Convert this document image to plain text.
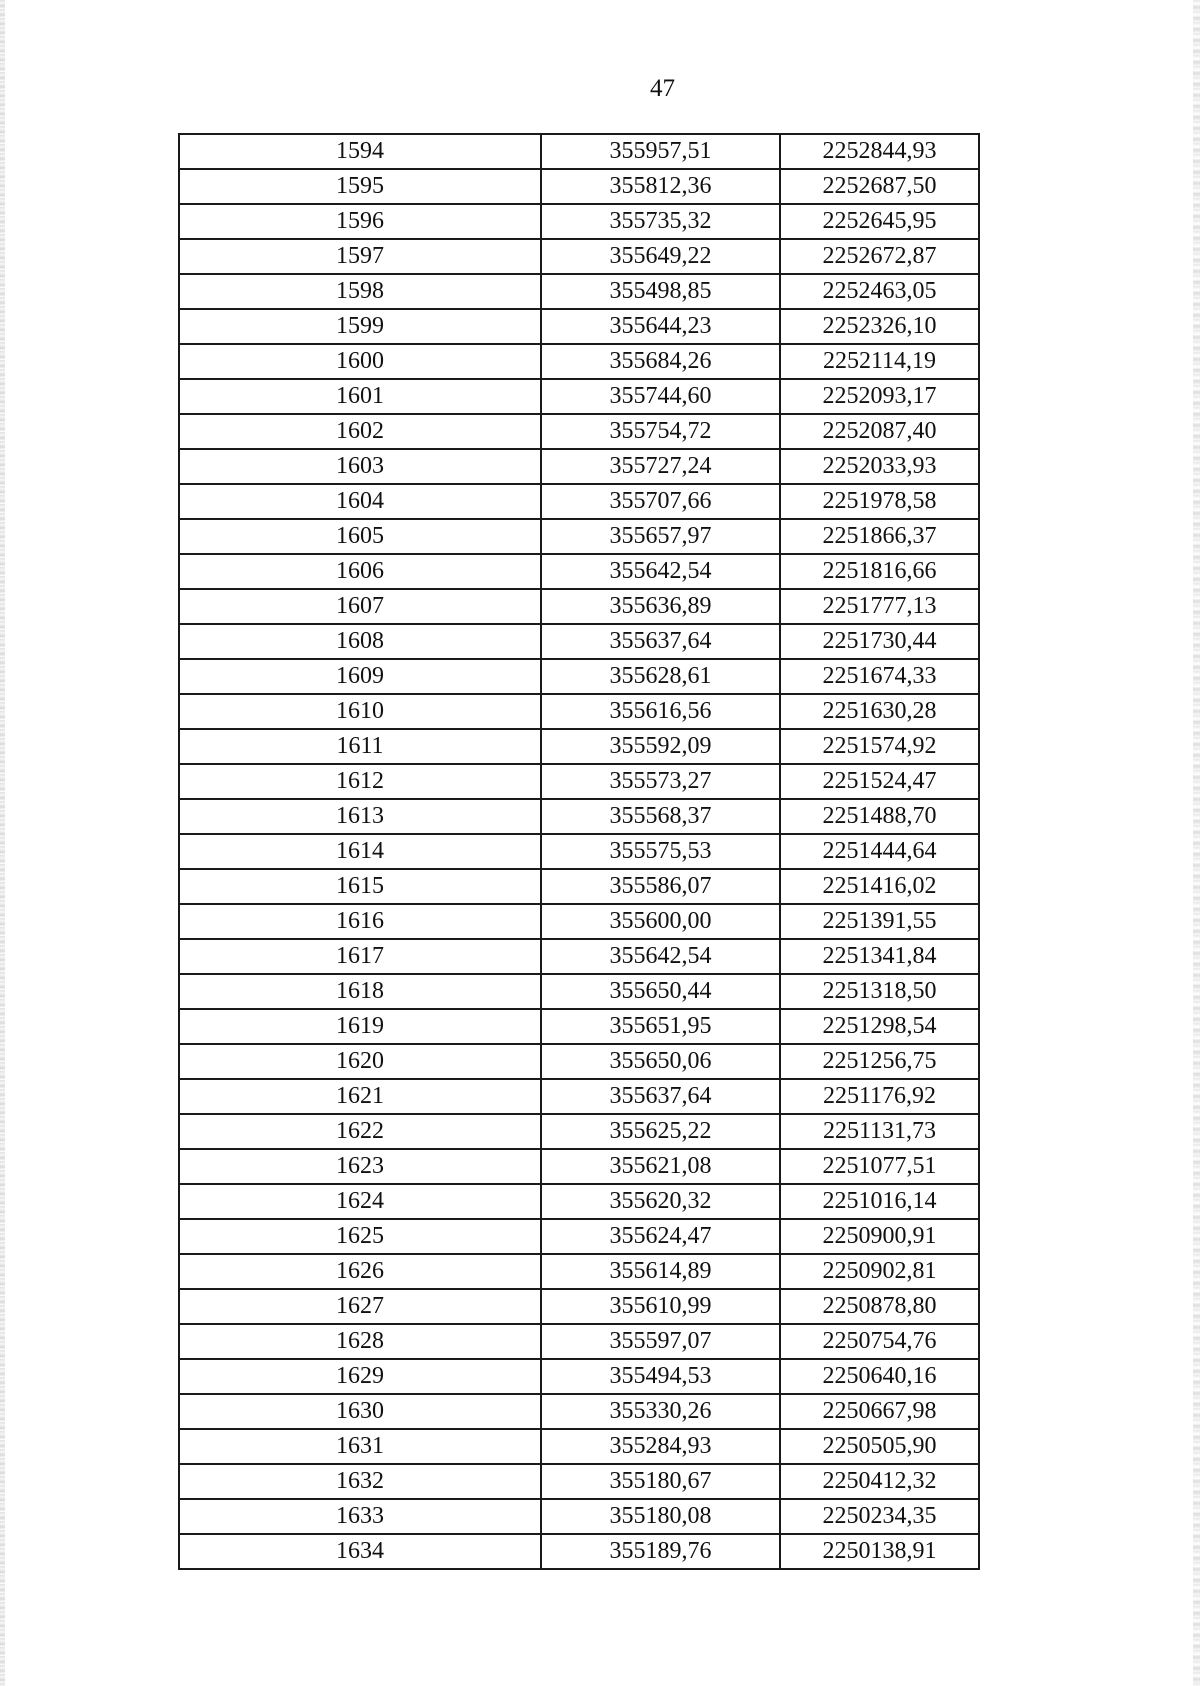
47
1594	355957,51	2252844,93
1595	355812,36	2252687,50
1596	355735,32	2252645,95
1597	355649,22	2252672,87
1598	355498,85	2252463,05
1599	355644,23	2252326,10
1600	355684,26	2252114,19
1601	355744,60	2252093,17
1602	355754,72	2252087,40
1603	355727,24	2252033,93
1604	355707,66	2251978,58
1605	355657,97	2251866,37
1606	355642,54	2251816,66
1607	355636,89	2251777,13
1608	355637,64	2251730,44
1609	355628,61	2251674,33
1610	355616,56	2251630,28
1611	355592,09	2251574,92
1612	355573,27	2251524,47
1613	355568,37	2251488,70
1614	355575,53	2251444,64
1615	355586,07	2251416,02
1616	355600,00	2251391,55
1617	355642,54	2251341,84
1618	355650,44	2251318,50
1619	355651,95	2251298,54
1620	355650,06	2251256,75
1621	355637,64	2251176,92
1622	355625,22	2251131,73
1623	355621,08	2251077,51
1624	355620,32	2251016,14
1625	355624,47	2250900,91
1626	355614,89	2250902,81
1627	355610,99	2250878,80
1628	355597,07	2250754,76
1629	355494,53	2250640,16
1630	355330,26	2250667,98
1631	355284,93	2250505,90
1632	355180,67	2250412,32
1633	355180,08	2250234,35
1634	355189,76	2250138,91
